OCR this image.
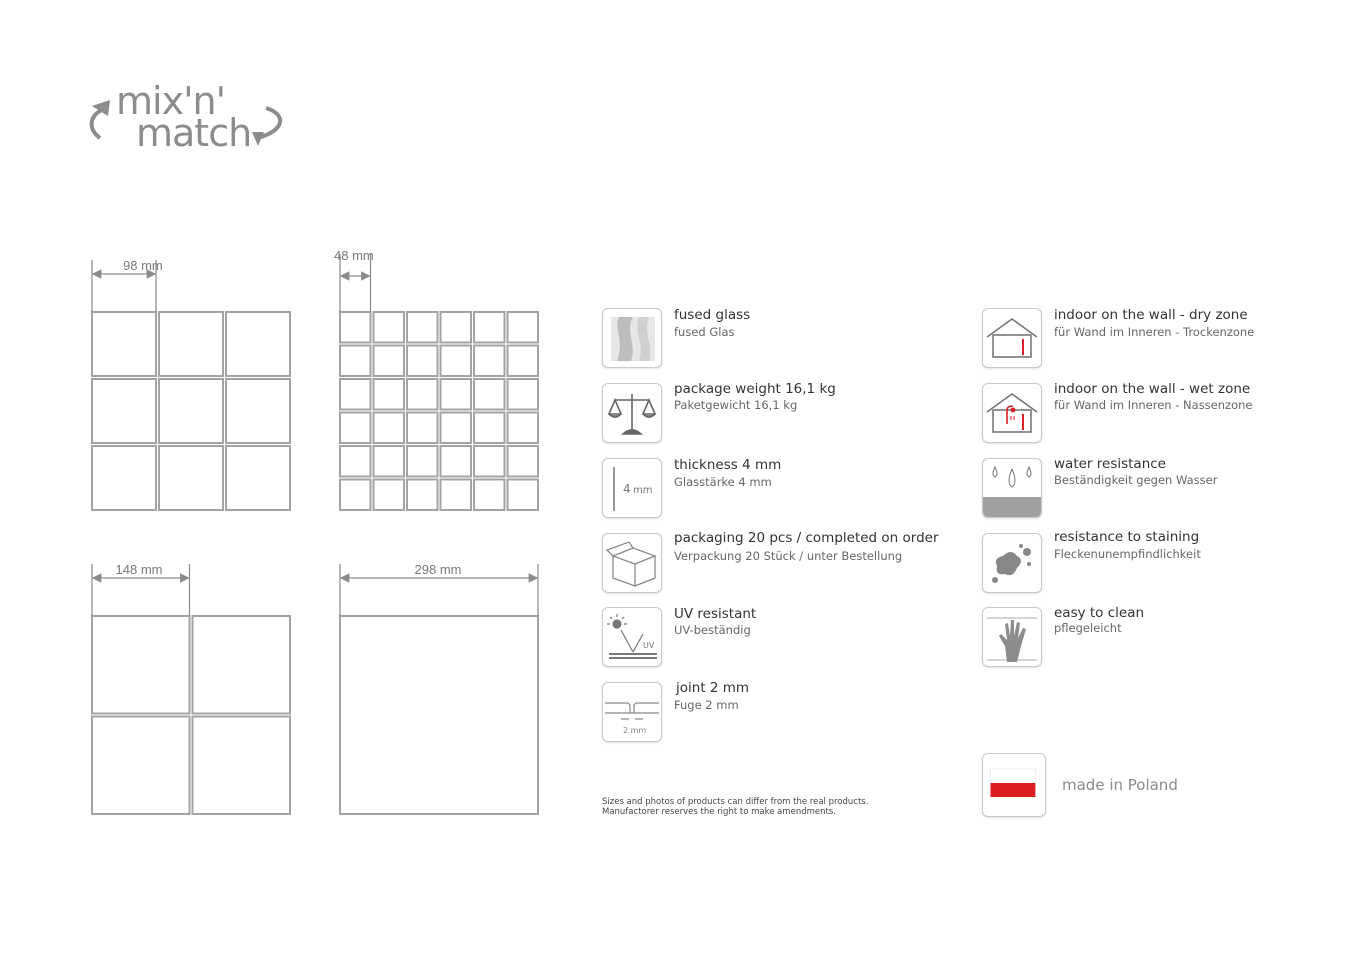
mix'n'
match
98 mm
48 mm
148 mm	298 mm
fused glass
fused Glas
package weight 16,1 kg
Paketgewicht 16,1 kg
4 mm
thickness 4 mm
Glasstärke 4 mm
packaging 20 pcs / completed on order
Verpackung 20 Stück / unter Bestellung
UV
UV resistant
UV-beständig
2 mm
joint 2 mm
Fuge 2 mm
indoor on the wall - dry zone
für Wand im Inneren - Trockenzone
indoor on the wall - wet zone
für Wand im Inneren - Nassenzone
water resistance
Beständigkeit gegen Wasser
resistance to staining
Fleckenunempfindlichkeit
easy to clean
pflegeleicht
Sizes and photos of products can differ from the real products.
Manufactorer reserves the right to make amendments.
made in Poland
